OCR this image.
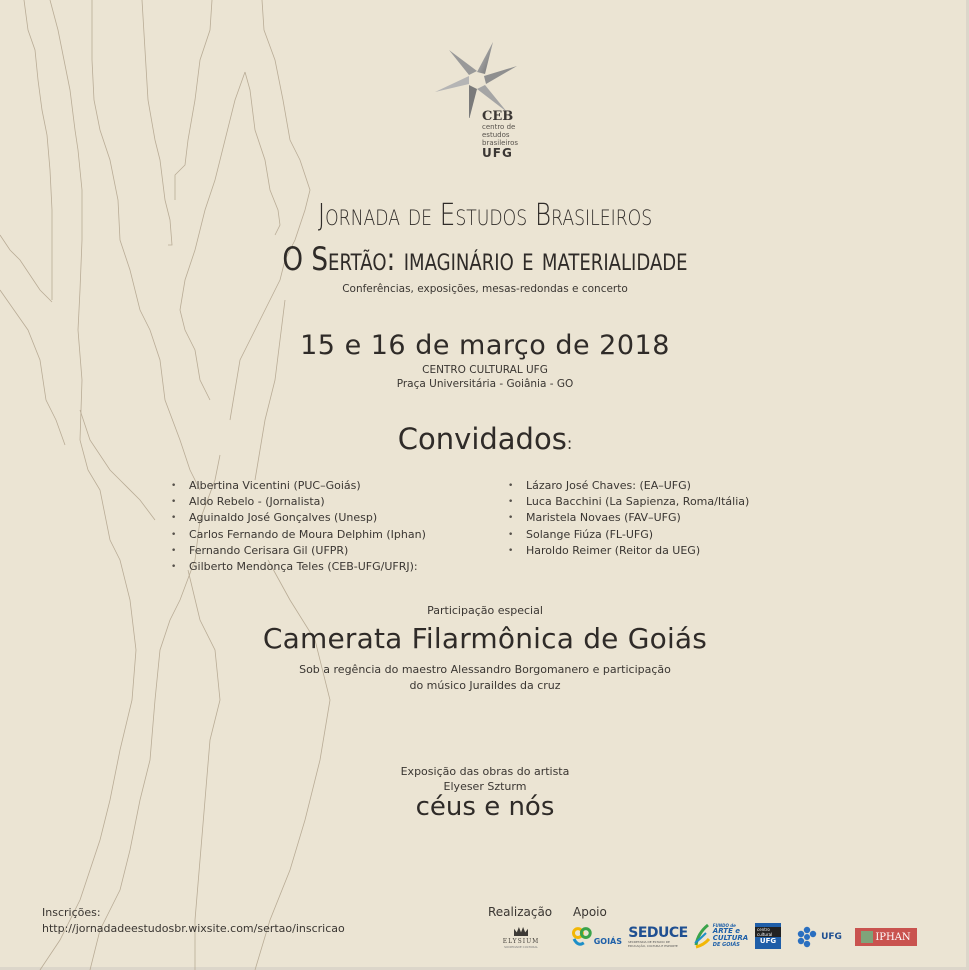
CEB
centro de
estudos
brasileiros
UFG
Jornada de Estudos Brasileiros
O Sertão: imaginário e materialidade
Conferências, exposições, mesas-redondas e concerto
15 e 16 de março de 2018
CENTRO CULTURAL UFG
Praça Universitária - Goiânia - GO
Convidados:
• Albertina Vicentini (PUC–Goiás)
• Aldo Rebelo - (Jornalista)
• Aguinaldo José Gonçalves (Unesp)
• Carlos Fernando de Moura Delphim (Iphan)
• Fernando Cerisara Gil (UFPR)
• Gilberto Mendonça Teles (CEB-UFG/UFRJ):
• Lázaro José Chaves: (EA–UFG)
• Luca Bacchini (La Sapienza, Roma/Itália)
• Maristela Novaes (FAV–UFG)
• Solange Fiúza (FL-UFG)
• Haroldo Reimer (Reitor da UEG)
Participação especial
Camerata Filarmônica de Goiás
Sob a regência do maestro Alessandro Borgomanero e participação
do músico Juraildes da cruz
Exposição das obras do artista
Elyeser Szturm
céus e nós
Inscrições:
http://jornadadeestudosbr.wixsite.com/sertao/inscricao
Realização Apoio
ELYSIUM
SOCIEDADE CULTURAL
GOIÁS SEDUCE
SECRETARIA DE ESTADO DE EDUCAÇÃO, CULTURA E ESPORTE
FUNDO de
ARTE e
CULTURA
DE GOIÁS
centro cultural
UFG	UFG	IPHAN
